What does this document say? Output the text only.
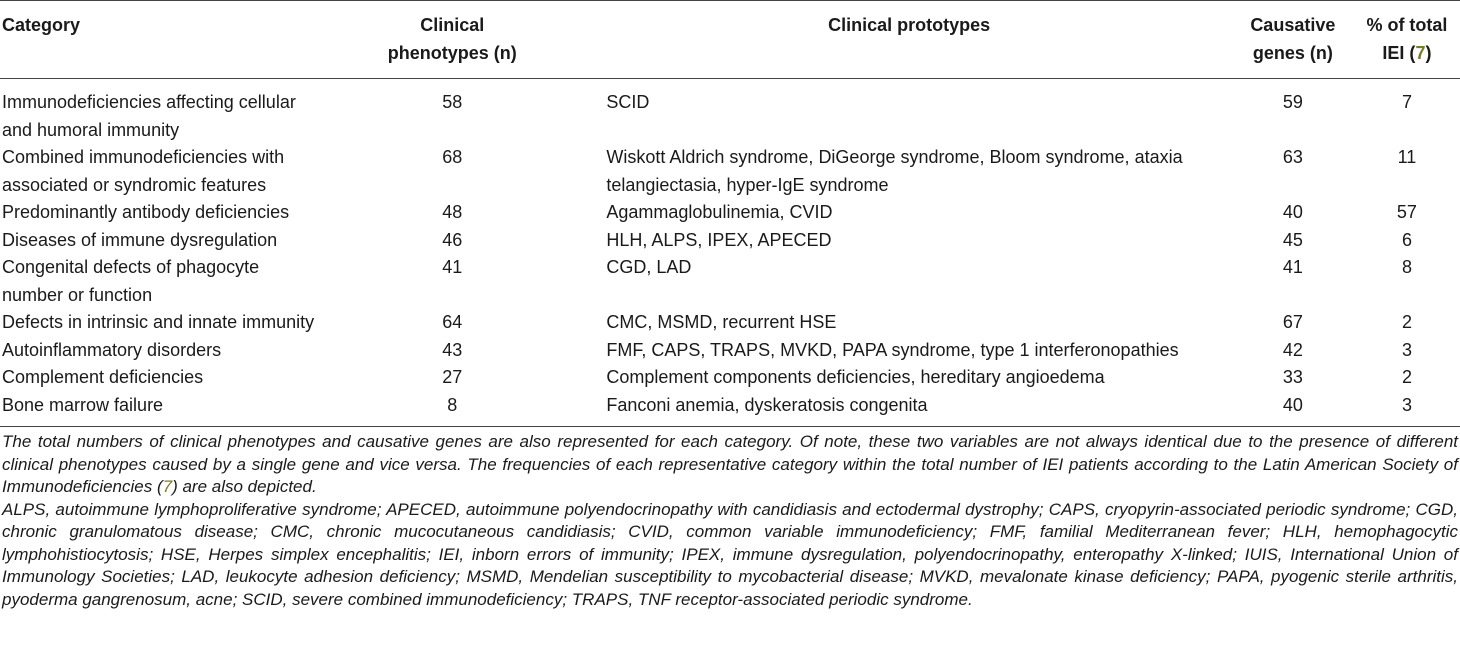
Category	Clinical phenotypes (n)	Clinical prototypes	Causative genes (n)	% of total IEI (7)

Immunodeficiencies affecting cellular and humoral immunity	58	SCID	59	7
Combined immunodeficiencies with associated or syndromic features	68	Wiskott Aldrich syndrome, DiGeorge syndrome, Bloom syndrome, ataxia telangiectasia, hyper-IgE syndrome	63	11
Predominantly antibody deficiencies	48	Agammaglobulinemia, CVID	40	57
Diseases of immune dysregulation	46	HLH, ALPS, IPEX, APECED	45	6
Congenital defects of phagocyte number or function	41	CGD, LAD	41	8
Defects in intrinsic and innate immunity	64	CMC, MSMD, recurrent HSE	67	2
Autoinflammatory disorders	43	FMF, CAPS, TRAPS, MVKD, PAPA syndrome, type 1 interferonopathies	42	3
Complement deficiencies	27	Complement components deficiencies, hereditary angioedema	33	2
Bone marrow failure	8	Fanconi anemia, dyskeratosis congenita	40	3

The total numbers of clinical phenotypes and causative genes are also represented for each category. Of note, these two variables are not always identical due to the presence of different clinical phenotypes caused by a single gene and vice versa. The frequencies of each representative category within the total number of IEI patients according to the Latin American Society of Immunodeficiencies (7) are also depicted.

ALPS, autoimmune lymphoproliferative syndrome; APECED, autoimmune polyendocrinopathy with candidiasis and ectodermal dystrophy; CAPS, cryopyrin-associated periodic syndrome; CGD, chronic granulomatous disease; CMC, chronic mucocutaneous candidiasis; CVID, common variable immunodeficiency; FMF, familial Mediterranean fever; HLH, hemophagocytic lymphohistiocytosis; HSE, Herpes simplex encephalitis; IEI, inborn errors of immunity; IPEX, immune dysregulation, polyendocrinopathy, enteropathy X-linked; IUIS, International Union of Immunology Societies; LAD, leukocyte adhesion deficiency; MSMD, Mendelian susceptibility to mycobacterial disease; MVKD, mevalonate kinase deficiency; PAPA, pyogenic sterile arthritis, pyoderma gangrenosum, acne; SCID, severe combined immunodeficiency; TRAPS, TNF receptor-associated periodic syndrome.
